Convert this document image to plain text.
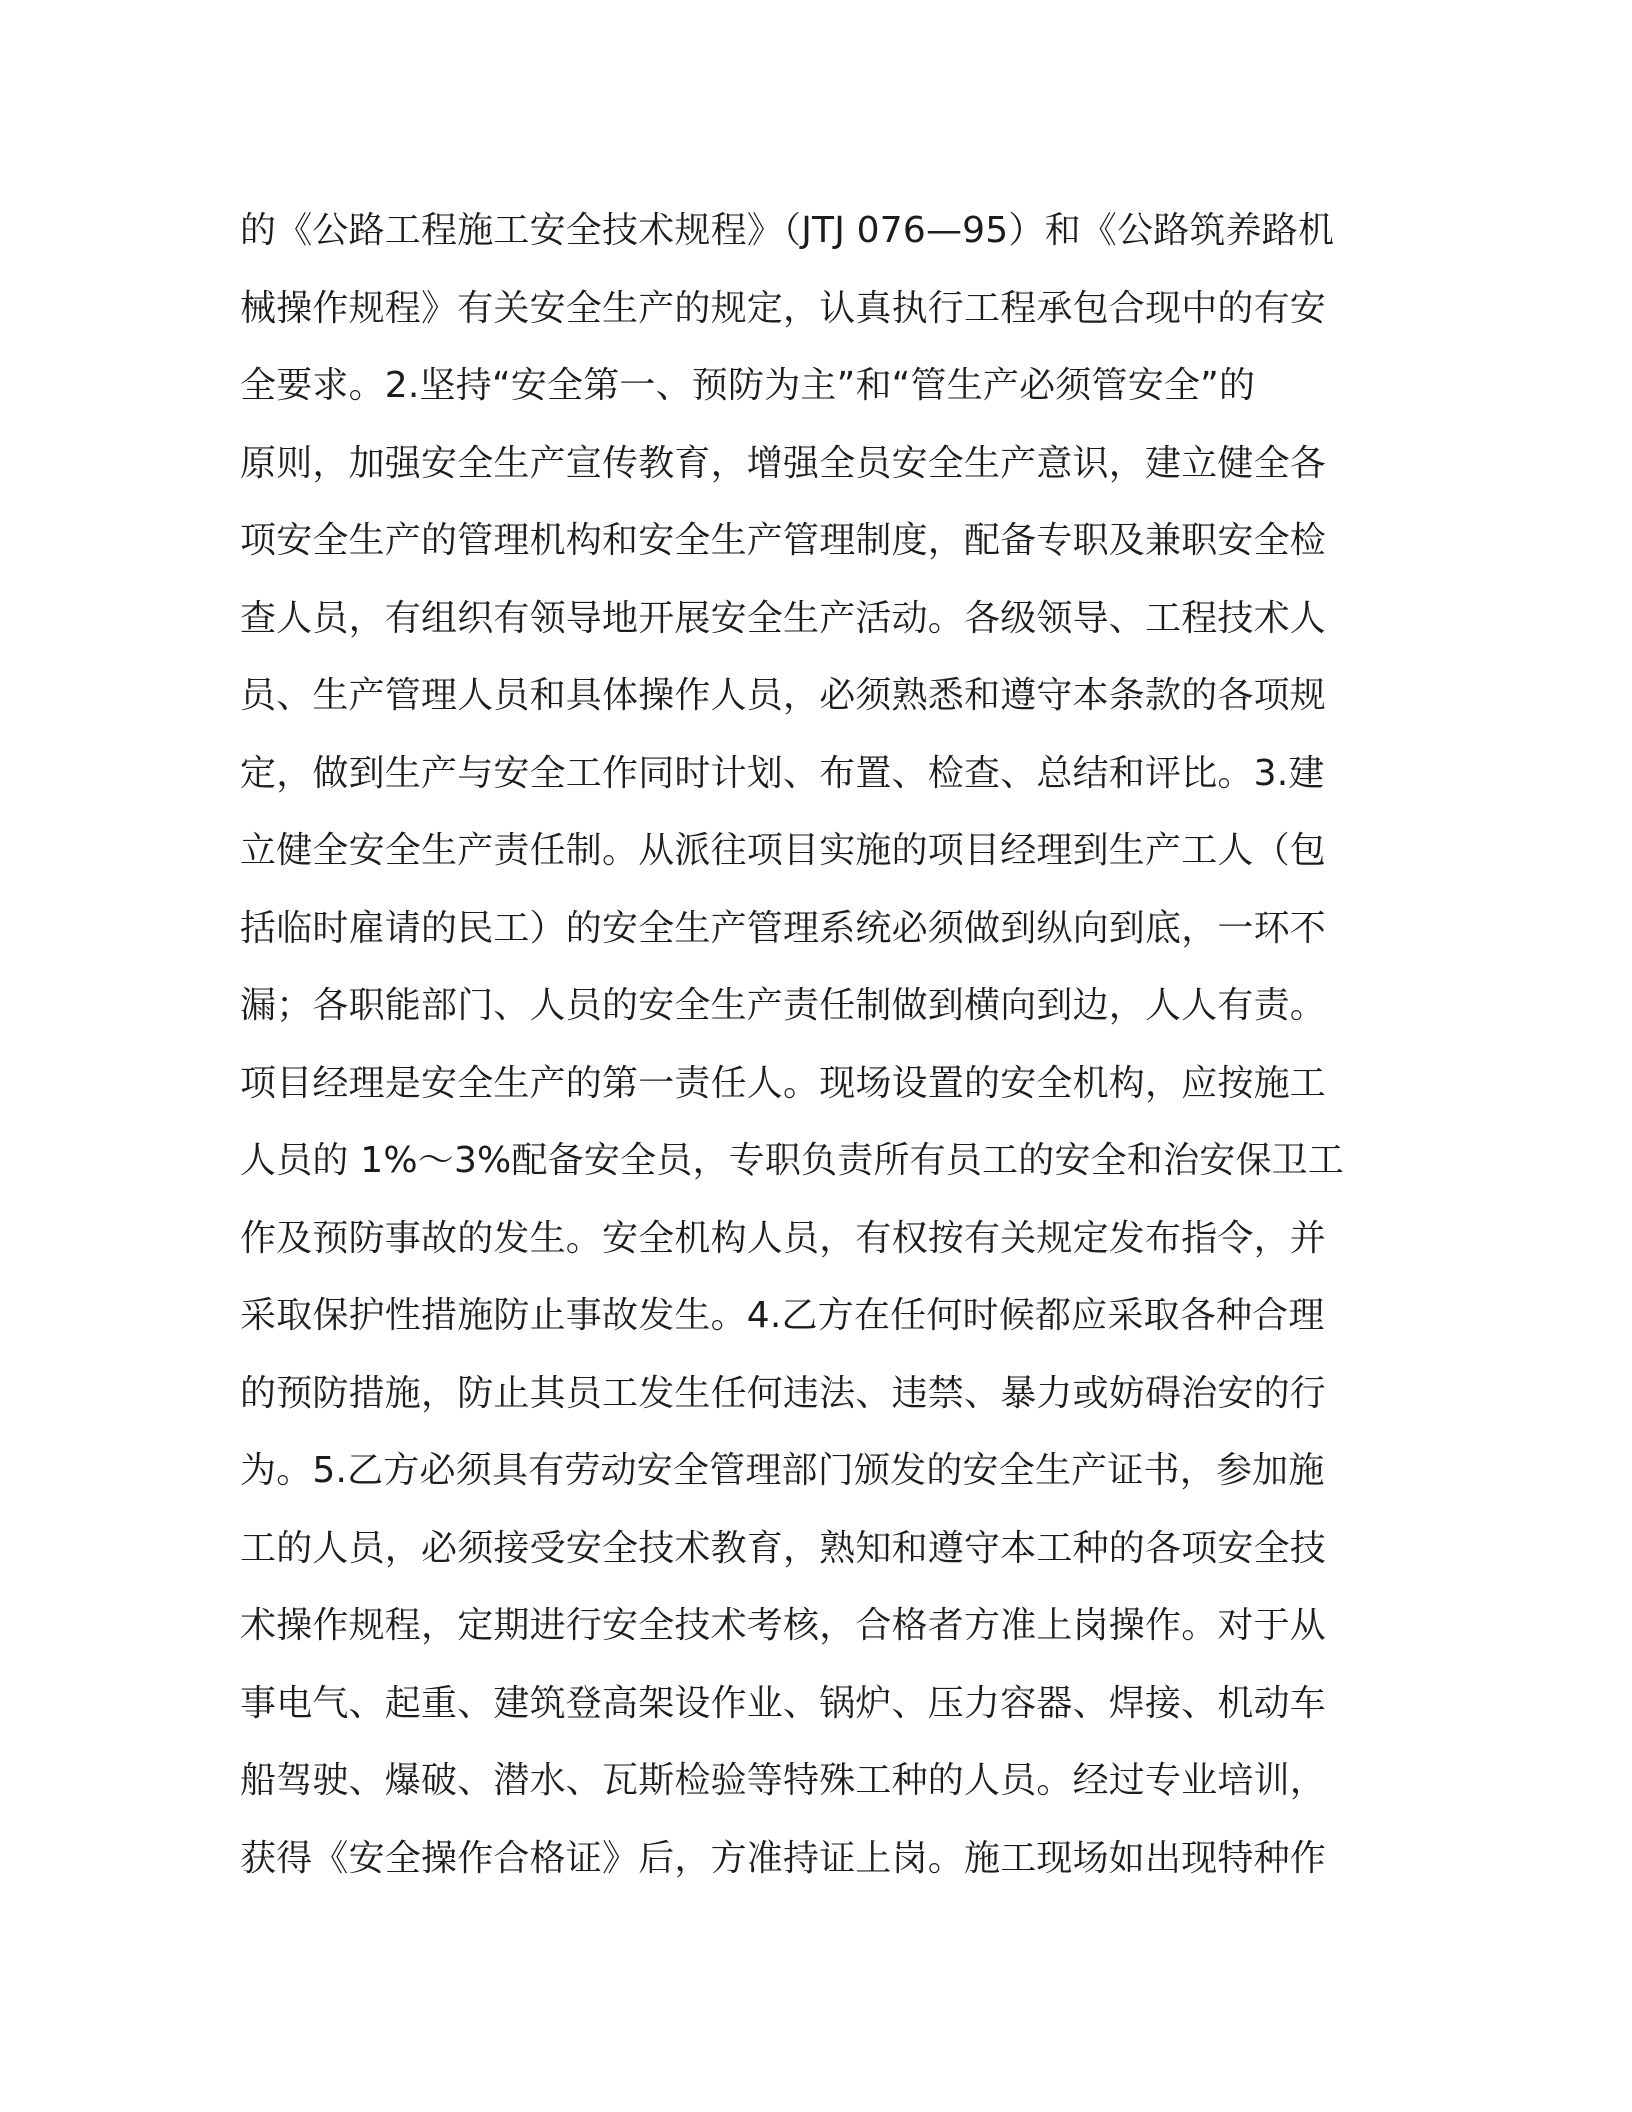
的《公路工程施工安全技术规程》（JTJ 076—95）和《公路筑养路机
械操作规程》有关安全生产的规定，认真执行工程承包合现中的有安
全要求。2.坚持“安全第一、预防为主”和“管生产必须管安全”的
原则，加强安全生产宣传教育，增强全员安全生产意识，建立健全各
项安全生产的管理机构和安全生产管理制度，配备专职及兼职安全检
查人员，有组织有领导地开展安全生产活动。各级领导、工程技术人
员、生产管理人员和具体操作人员，必须熟悉和遵守本条款的各项规
定，做到生产与安全工作同时计划、布置、检查、总结和评比。3.建
立健全安全生产责任制。从派往项目实施的项目经理到生产工人（包
括临时雇请的民工）的安全生产管理系统必须做到纵向到底，一环不
漏；各职能部门、人员的安全生产责任制做到横向到边，人人有责。
项目经理是安全生产的第一责任人。现场设置的安全机构，应按施工
人员的 1%～3%配备安全员，专职负责所有员工的安全和治安保卫工
作及预防事故的发生。安全机构人员，有权按有关规定发布指令，并
采取保护性措施防止事故发生。4.乙方在任何时候都应采取各种合理
的预防措施，防止其员工发生任何违法、违禁、暴力或妨碍治安的行
为。5.乙方必须具有劳动安全管理部门颁发的安全生产证书，参加施
工的人员，必须接受安全技术教育，熟知和遵守本工种的各项安全技
术操作规程，定期进行安全技术考核，合格者方准上岗操作。对于从
事电气、起重、建筑登高架设作业、锅炉、压力容器、焊接、机动车
船驾驶、爆破、潜水、瓦斯检验等特殊工种的人员。经过专业培训，
获得《安全操作合格证》后，方准持证上岗。施工现场如出现特种作
